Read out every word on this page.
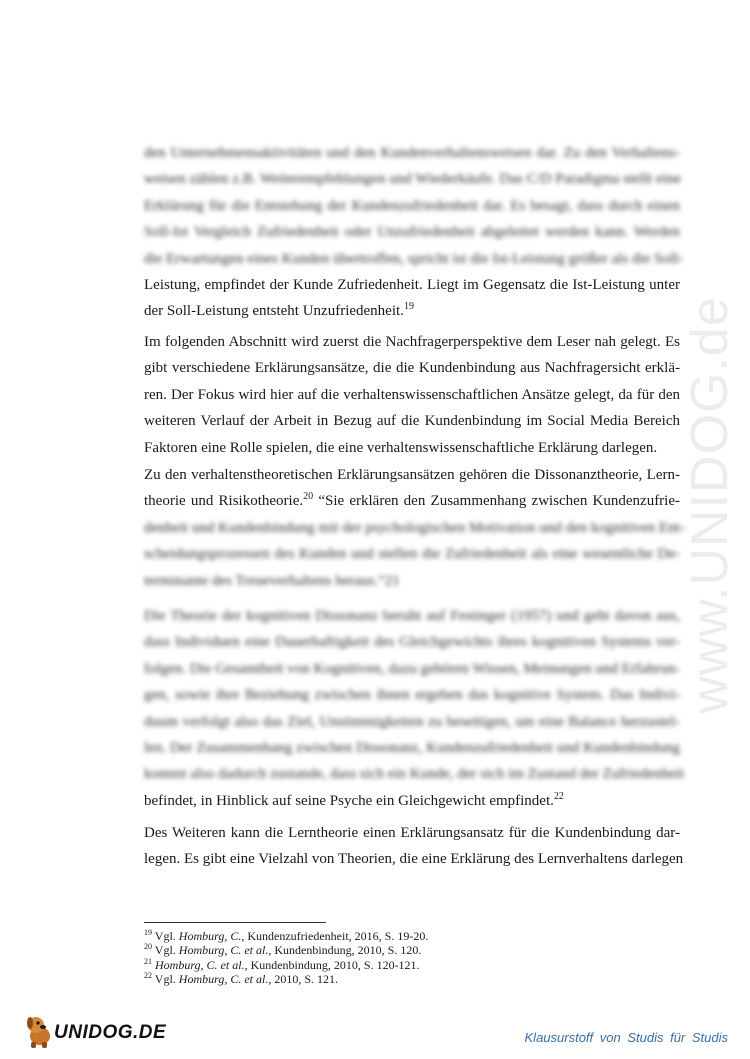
www.UNIDOG.de
den Unternehmensaktivitäten und den Kundenverhaltensweisen dar. Zu den Verhaltens-
weisen zählen z.B. Weiterempfehlungen und Wiederkäufe. Das C/D Paradigma stellt eine
Erklärung für die Entstehung der Kundenzufriedenheit dar. Es besagt, dass durch einen
Soll-Ist Vergleich Zufriedenheit oder Unzufriedenheit abgeleitet werden kann. Werden
die Erwartungen eines Kunden übertroffen, spricht ist die Ist-Leistung größer als die Soll-
Leistung, empfindet der Kunde Zufriedenheit. Liegt im Gegensatz die Ist-Leistung unter
der Soll-Leistung entsteht Unzufriedenheit.$^{19}$
Im folgenden Abschnitt wird zuerst die Nachfragerperspektive dem Leser nah gelegt. Es
gibt verschiedene Erklärungsansätze, die die Kundenbindung aus Nachfragersicht erklä-
ren. Der Fokus wird hier auf die verhaltenswissenschaftlichen Ansätze gelegt, da für den
weiteren Verlauf der Arbeit in Bezug auf die Kundenbindung im Social Media Bereich
Faktoren eine Rolle spielen, die eine verhaltenswissenschaftliche Erklärung darlegen.
Zu den verhaltenstheoretischen Erklärungsansätzen gehören die Dissonanztheorie, Lern-
theorie und Risikotheorie.$^{20}$ “Sie erklären den Zusammenhang zwischen Kundenzufrie-
denheit und Kundenbindung mit der psychologischen Motivation und den kognitiven Ent-
scheidungsprozessen des Kunden und stellen die Zufriedenheit als eine wesentliche De-
terminante des Treueverhaltens heraus.“21
Die Theorie der kognitiven Dissonanz beruht auf Festinger (1957) und geht davon aus,
dass Individuen eine Dauerhaftigkeit des Gleichgewichts ihres kognitiven Systems ver-
folgen. Die Gesamtheit von Kognitiven, dazu gehören Wissen, Meinungen und Erfahrun-
gen, sowie ihre Beziehung zwischen ihnen ergeben das kognitive System. Das Indivi-
duum verfolgt also das Ziel, Unstimmigkeiten zu beseitigen, um eine Balance herzustel-
len. Der Zusammenhang zwischen Dissonanz, Kundenzufriedenheit und Kundenbindung
kommt also dadurch zustande, dass sich ein Kunde, der sich im Zustand der Zufriedenheit
befindet, in Hinblick auf seine Psyche ein Gleichgewicht empfindet.$^{22}$
Des Weiteren kann die Lerntheorie einen Erklärungsansatz für die Kundenbindung dar-
legen. Es gibt eine Vielzahl von Theorien, die eine Erklärung des Lernverhaltens darlegen
$^{19}$ Vgl. Homburg, C., Kundenzufriedenheit, 2016, S. 19-20.
$^{20}$ Vgl. Homburg, C. et al., Kundenbindung, 2010, S. 120.
$^{21}$ Homburg, C. et al., Kundenbindung, 2010, S. 120-121.
$^{22}$ Vgl. Homburg, C. et al., 2010, S. 121.
UNIDOG.DE	Klausurstoff von Studis für Studis
